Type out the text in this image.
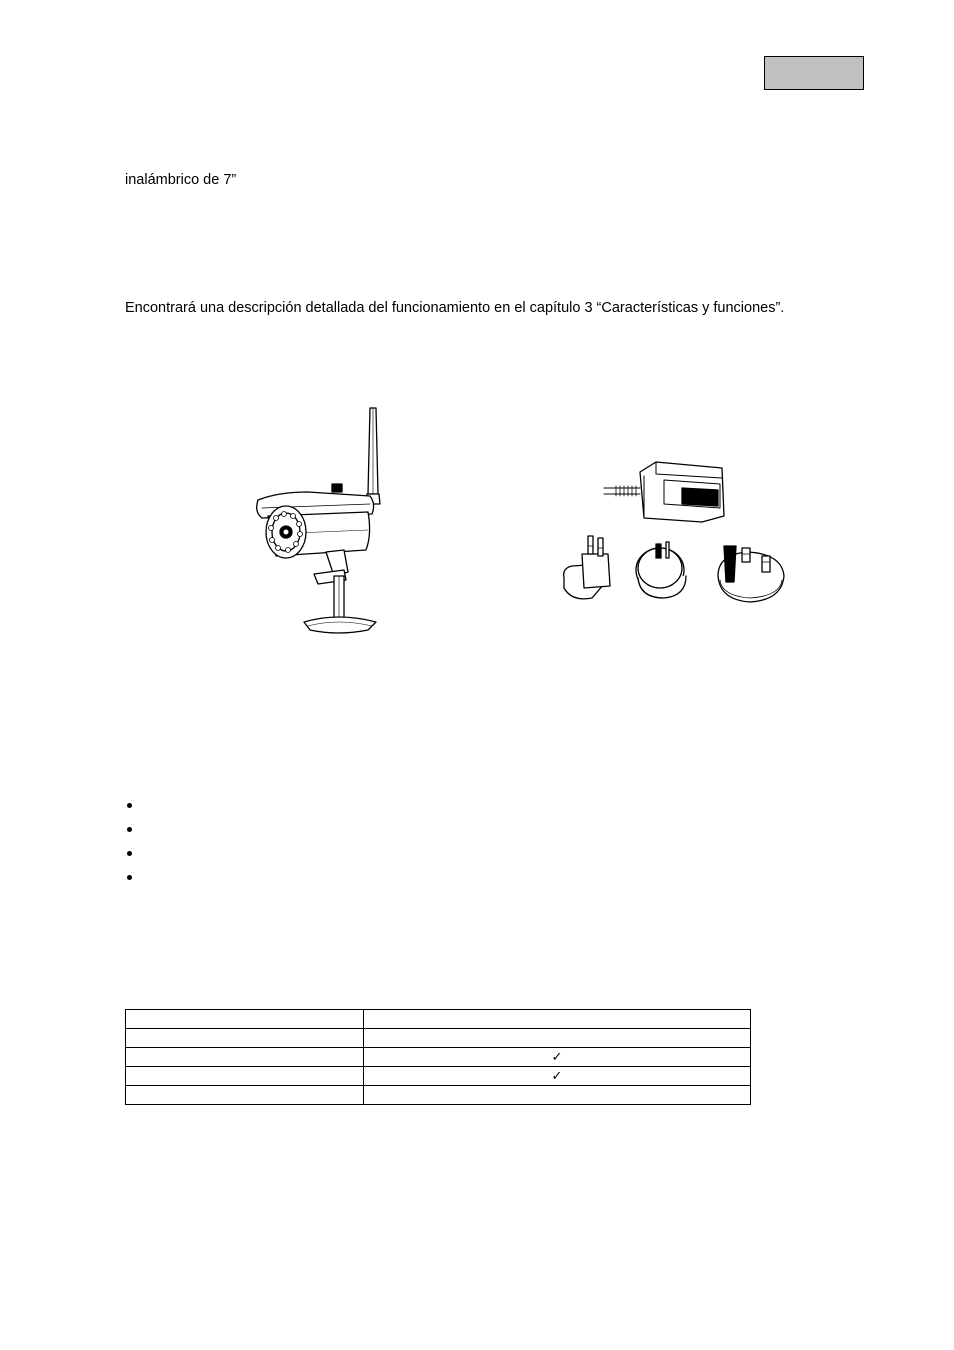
inalámbrico de 7”
Encontrará una descripción detallada del funcionamiento en el capítulo 3 “Características y funciones”.

	✓
	✓
